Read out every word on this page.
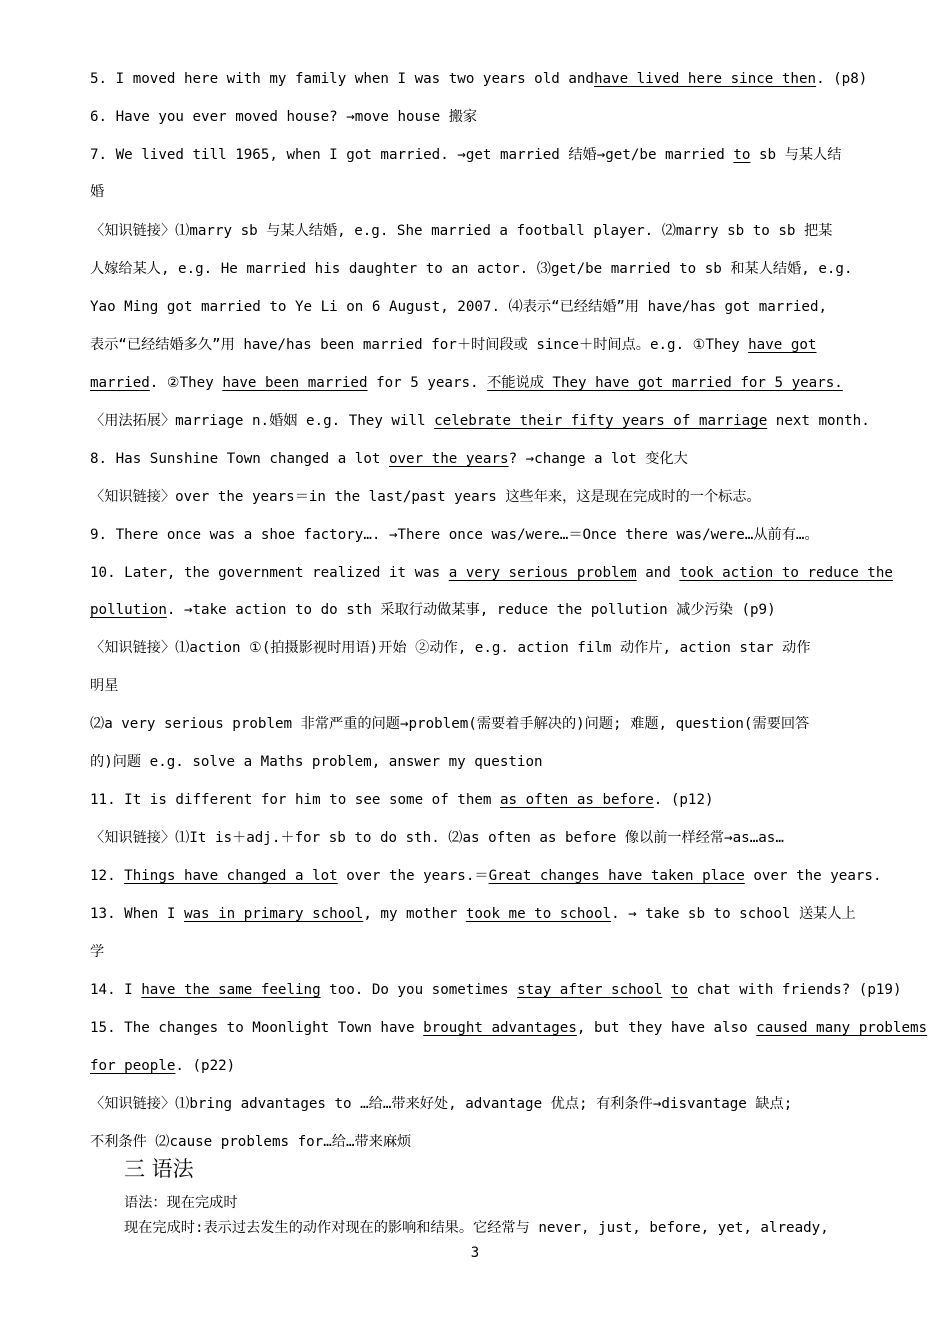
5. I moved here with my family when I was two years old and have lived here since then. (p8)
6. Have you ever moved house? →move house 搬家
7. We lived till 1965, when I got married. →get married 结婚→get/be married to sb 与某人结
婚
〈知识链接〉⑴marry sb 与某人结婚, e.g. She married a football player. ⑵marry sb to sb 把某
人嫁给某人, e.g. He married his daughter to an actor. ⑶get/be married to sb 和某人结婚, e.g.
Yao Ming got married to Ye Li on 6 August, 2007. ⑷表示“已经结婚”用 have/has got married,
表示“已经结婚多久”用 have/has been married for＋时间段或 since＋时间点。e.g. ①They have got
married. ②They have been married for 5 years. 不能说成 They have got married for 5 years.
〈用法拓展〉marriage n.婚姻 e.g. They will celebrate their fifty years of marriage next month.
8. Has Sunshine Town changed a lot over the years? →change a lot 变化大
〈知识链接〉over the years＝in the last/past years 这些年来，这是现在完成时的一个标志。
9. There once was a shoe factory…. →There once was/were…＝Once there was/were…从前有…。
10. Later, the government realized it was a very serious problem and took action to reduce the
pollution. →take action to do sth 采取行动做某事, reduce the pollution 减少污染 (p9)
〈知识链接〉⑴action ①(拍摄影视时用语)开始 ②动作, e.g. action film 动作片, action star 动作
明星
⑵a very serious problem 非常严重的问题→problem(需要着手解决的)问题; 难题, question(需要回答
的)问题 e.g. solve a Maths problem, answer my question
11. It is different for him to see some of them as often as before. (p12)
〈知识链接〉⑴It is＋adj.＋for sb to do sth. ⑵as often as before 像以前一样经常→as…as…
12. Things have changed a lot over the years.＝Great changes have taken place over the years.
13. When I was in primary school, my mother took me to school. → take sb to school 送某人上
学
14. I have the same feeling too. Do you sometimes stay after school to chat with friends? (p19)
15. The changes to Moonlight Town have brought advantages, but they have also caused many problems
for people. (p22)
〈知识链接〉⑴bring advantages to …给…带来好处, advantage 优点; 有利条件→disvantage 缺点;
不利条件 ⑵cause problems for…给…带来麻烦
三 语法
语法：现在完成时
现在完成时:表示过去发生的动作对现在的影响和结果。它经常与 never, just, before, yet, already,
3
